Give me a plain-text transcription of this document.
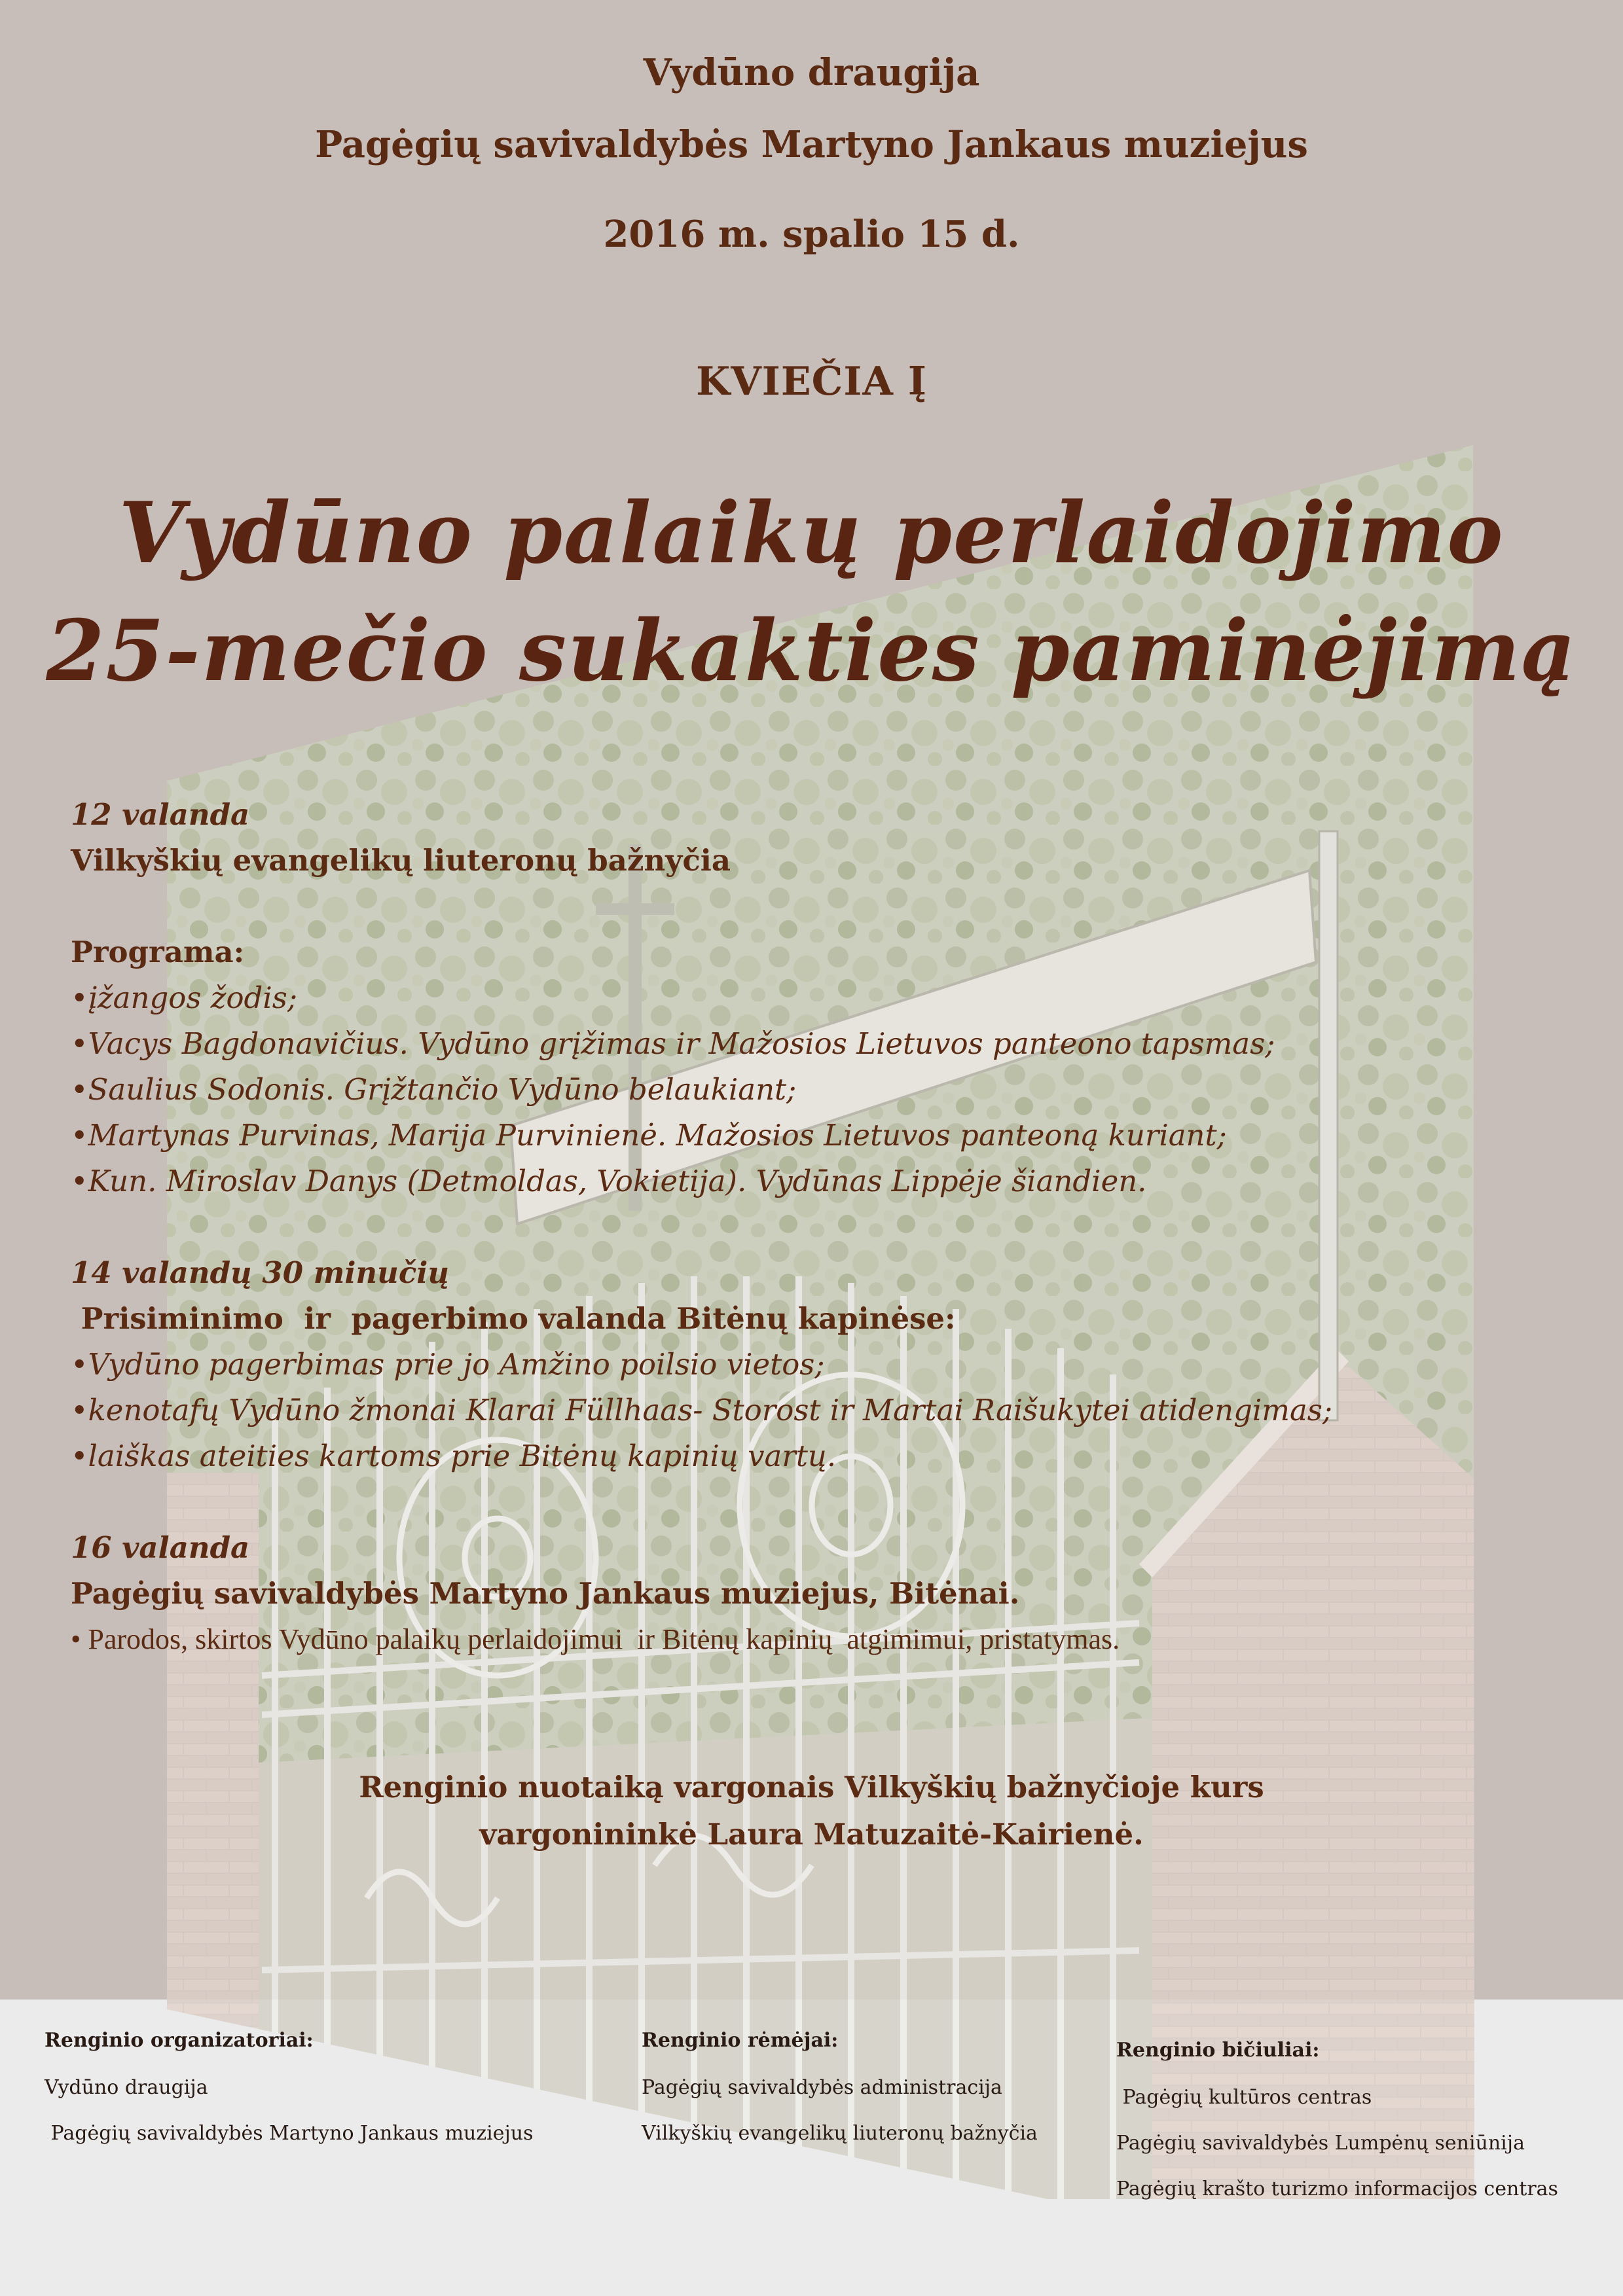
Vydūno draugija
Pagėgių savivaldybės Martyno Jankaus muziejus
2016 m. spalio 15 d.
KVIEČIA Į
Vydūno palaikų perlaidojimo
25-mečio sukakties paminėjimą
12 valanda
Vilkyškių evangelikų liuteronų bažnyčia
Programa:
•įžangos žodis;
•Vacys Bagdonavičius. Vydūno grįžimas ir Mažosios Lietuvos panteono tapsmas;
•Saulius Sodonis. Grįžtančio Vydūno belaukiant;
•Martynas Purvinas, Marija Purvinienė. Mažosios Lietuvos panteoną kuriant;
•Kun. Miroslav Danys (Detmoldas, Vokietija). Vydūnas Lippėje šiandien.
14 valandų 30 minučių
Prisiminimo  ir  pagerbimo valanda Bitėnų kapinėse:
•Vydūno pagerbimas prie jo Amžino poilsio vietos;
•kenotafų Vydūno žmonai Klarai Füllhaas- Storost ir Martai Raišukytei atidengimas;
•laiškas ateities kartoms prie Bitėnų kapinių vartų.
16 valanda
Pagėgių savivaldybės Martyno Jankaus muziejus, Bitėnai.
• Parodos, skirtos Vydūno palaikų perlaidojimui  ir Bitėnų kapinių  atgimimui, pristatymas.
Renginio nuotaiką vargonais Vilkyškių bažnyčioje kurs
vargonininkė Laura Matuzaitė-Kairienė.
Renginio organizatoriai:
Vydūno draugija
Pagėgių savivaldybės Martyno Jankaus muziejus
Renginio rėmėjai:
Pagėgių savivaldybės administracija
Vilkyškių evangelikų liuteronų bažnyčia
Renginio bičiuliai:
Pagėgių kultūros centras
Pagėgių savivaldybės Lumpėnų seniūnija
Pagėgių krašto turizmo informacijos centras
